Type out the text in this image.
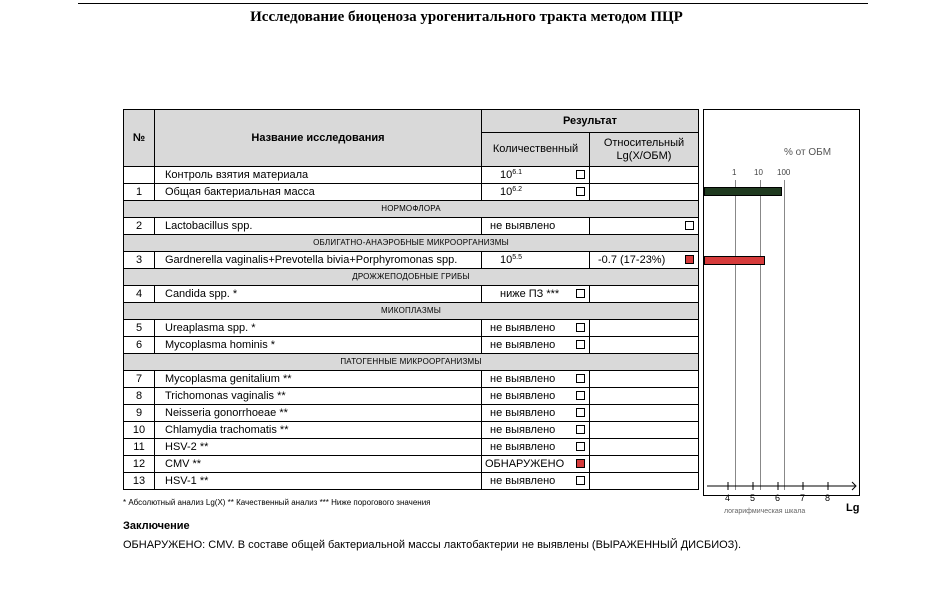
Исследование биоценоза урогенитального тракта методом ПЦР
№	Название исследования	Результат	
		Количественный	Относительный
Lg(X/ОБМ)
	Контроль взятия материала	$10^{6.1}$

1	Общая бактериальная масса	$10^{6.2}$

НОРМОФЛОРА			
2	Lactobacillus spp.	не выявлено	

ОБЛИГАТНО-АНАЭРОБНЫЕ МИКРООРГАНИЗМЫ			
3	Gardnerella vaginalis+Prevotella bivia+Porphyromonas spp.	$10^{5.5}$	-0.7 (17-23%)

ДРОЖЖЕПОДОБНЫЕ ГРИБЫ			
4	Candida spp. *	ниже ПЗ ***

МИКОПЛАЗМЫ			
5	Ureaplasma spp. *	не выявлено

6	Mycoplasma hominis *	не выявлено

ПАТОГЕННЫЕ МИКРООРГАНИЗМЫ			
7	Mycoplasma genitalium **	не выявлено

8	Trichomonas vaginalis **	не выявлено

9	Neisseria gonorrhoeae **	не выявлено

10	Chlamydia trachomatis **	не выявлено

11	HSV-2 **	не выявлено

12	CMV **	ОБНАРУЖЕНО

13	HSV-1 **	не выявлено

% от ОБМ
1 10 100
4 5 6 7 8
логарифмическая шкала	Lg
* Абсолютный анализ Lg(X) ** Качественный анализ *** Ниже порогового значения
Заключение
ОБНАРУЖЕНО: CMV. В составе общей бактериальной массы лактобактерии не выявлены (ВЫРАЖЕННЫЙ ДИСБИОЗ).
